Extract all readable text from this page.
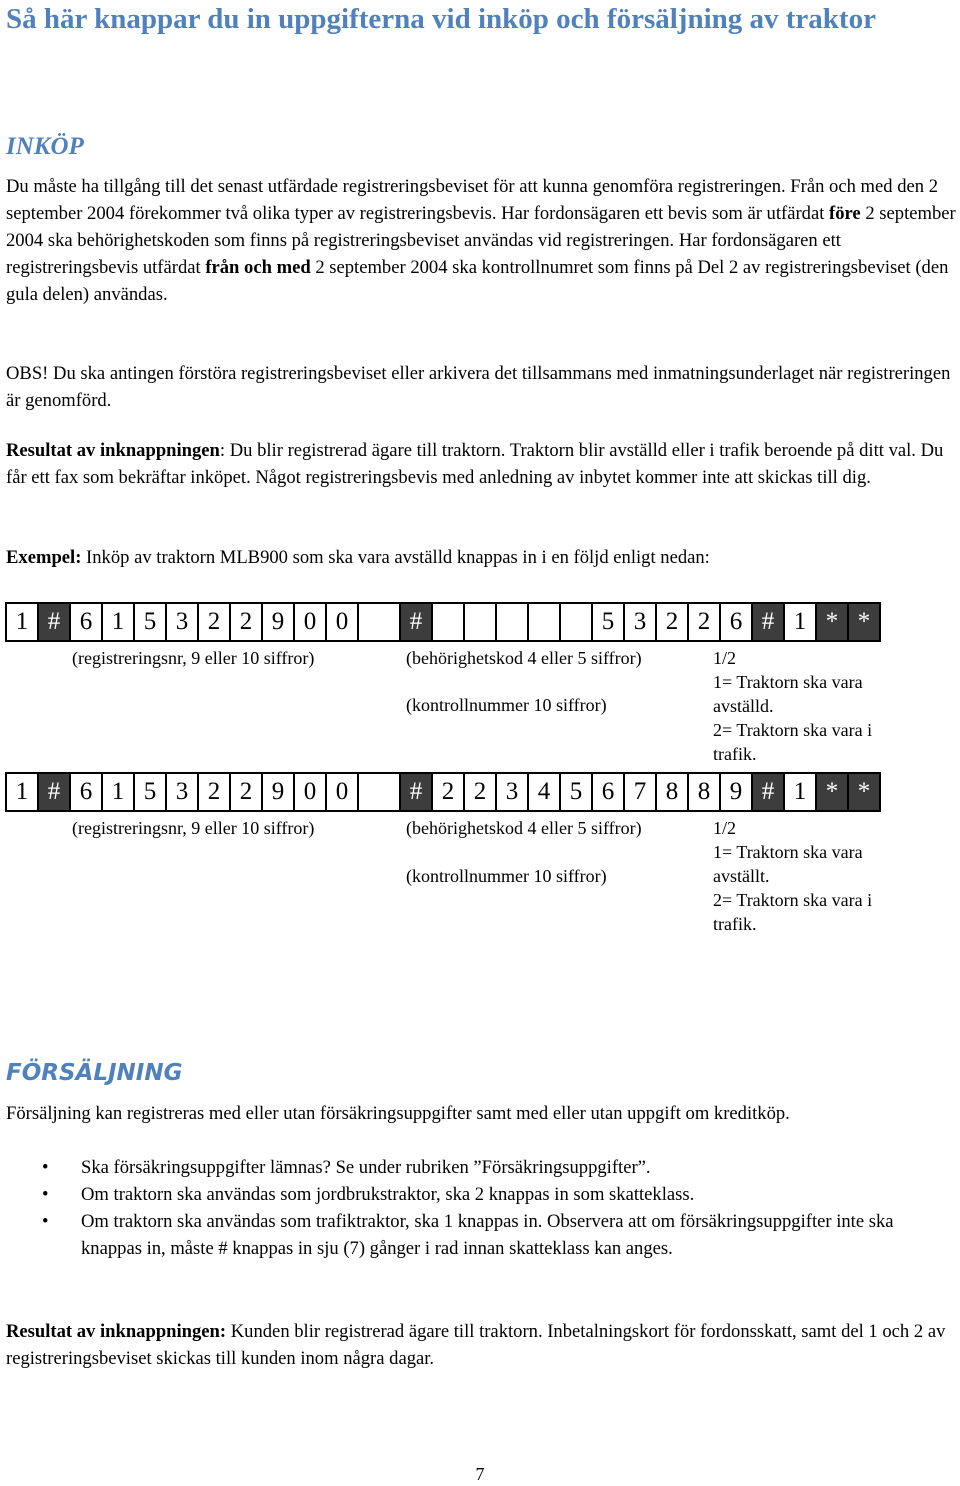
Så här knappar du in uppgifterna vid inköp och försäljning av traktor
INKÖP
Du måste ha tillgång till det senast utfärdade registreringsbeviset för att kunna genomföra registreringen. Från och med den 2 september 2004 förekommer två olika typer av registreringsbevis. Har fordonsägaren ett bevis som är utfärdat före 2 september 2004 ska behörighetskoden som finns på registreringsbeviset användas vid registreringen. Har fordonsägaren ett registreringsbevis utfärdat från och med 2 september 2004 ska kontrollnumret som finns på Del 2 av registreringsbeviset (den gula delen) användas.
OBS! Du ska antingen förstöra registreringsbeviset eller arkivera det tillsammans med inmatningsunderlaget när registreringen är genomförd.
Resultat av inknappningen: Du blir registrerad ägare till traktorn. Traktorn blir avställd eller i trafik beroende på ditt val. Du får ett fax som bekräftar inköpet. Något registreringsbevis med anledning av inbytet kommer inte att skickas till dig.
Exempel: Inköp av traktorn MLB900 som ska vara avställd knappas in i en följd enligt nedan:
1	#	6	1	5	3	2	2	9	0	0		#						5	3	2	2	6	#	1	*	*
(registreringsnr, 9 eller 10 siffror)	(behörighetskod 4 eller 5 siffror)
(kontrollnummer 10 siffror)
1/2
1= Traktorn ska vara avställd.
2= Traktorn ska vara i trafik.
1	#	6	1	5	3	2	2	9	0	0		#	2	2	3	4	5	6	7	8	8	9	#	1	*	*
(registreringsnr, 9 eller 10 siffror)	(behörighetskod 4 eller 5 siffror)
(kontrollnummer 10 siffror)
1/2
1= Traktorn ska vara avställt.
2= Traktorn ska vara i trafik.
FÖRSÄLJNING
Försäljning kan registreras med eller utan försäkringsuppgifter samt med eller utan uppgift om kreditköp.
• Ska försäkringsuppgifter lämnas? Se under rubriken ”Försäkringsuppgifter”.
• Om traktorn ska användas som jordbrukstraktor, ska 2 knappas in som skatteklass.
• Om traktorn ska användas som trafiktraktor, ska 1 knappas in. Observera att om försäkringsuppgifter inte ska knappas in, måste # knappas in sju (7) gånger i rad innan skatteklass kan anges.
Resultat av inknappningen: Kunden blir registrerad ägare till traktorn. Inbetalningskort för fordonsskatt, samt del 1 och 2 av registreringsbeviset skickas till kunden inom några dagar.
7
